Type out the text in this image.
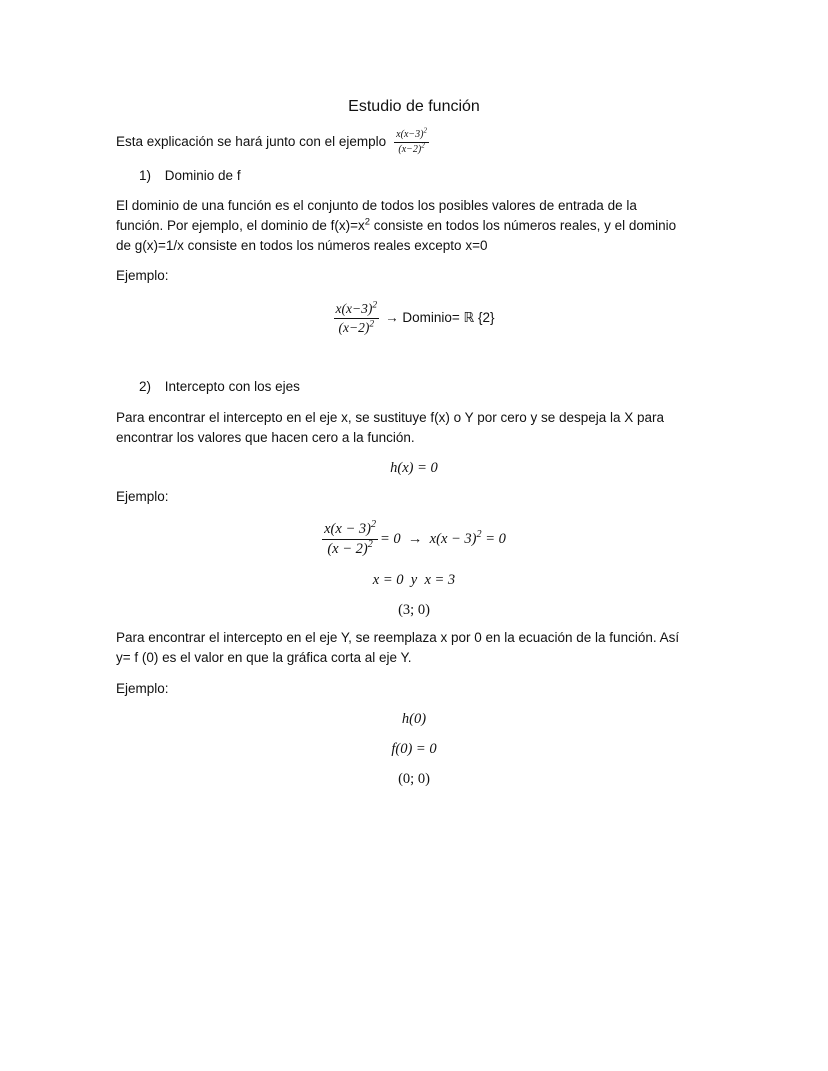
Estudio de función
Esta explicación se hará junto con el ejemplo $\frac{x(x-3)^2}{(x-2)^2}$
1) Dominio de f
El dominio de una función es el conjunto de todos los posibles valores de entrada de la
función. Por ejemplo, el dominio de $f(x)=x^2$ consiste en todos los números reales, y el dominio
de g(x)=1/x consiste en todos los números reales excepto x=0
Ejemplo:
$\frac{x(x-3)^2}{(x-2)^2}$ → Dominio= ℝ {2}
2) Intercepto con los ejes
Para encontrar el intercepto en el eje x, se sustituye f(x) o Y por cero y se despeja la X para
encontrar los valores que hacen cero a la función.
h(x) = 0
Ejemplo:
$\frac{x(x - 3)^2}{(x - 2)^2} = 0 \to x(x - 3)^2 = 0$
x = 0  y  x = 3
(3; 0)
Para encontrar el intercepto en el eje Y, se reemplaza x por 0 en la ecuación de la función. Así
y= f (0) es el valor en que la gráfica corta al eje Y.
Ejemplo:
h(0)
f(0) = 0
(0; 0)
